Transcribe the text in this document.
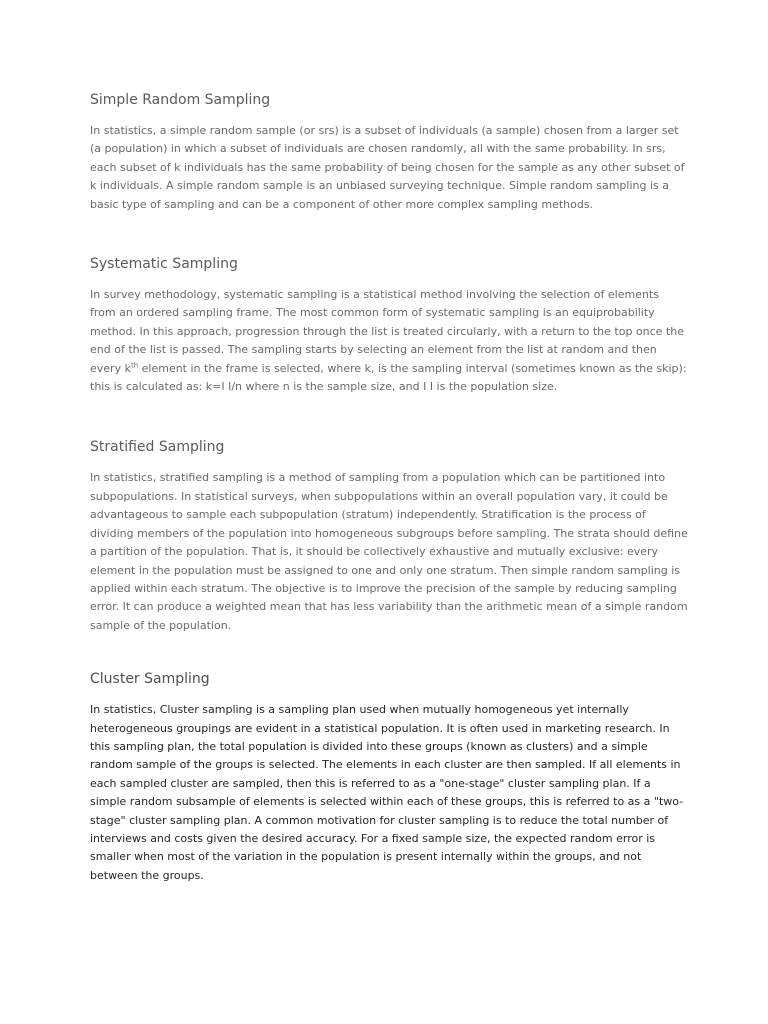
Simple Random Sampling

In statistics, a simple random sample (or srs) is a subset of individuals (a sample) chosen from a larger set (a population) in which a subset of individuals are chosen randomly, all with the same probability. In srs, each subset of k individuals has the same probability of being chosen for the sample as any other subset of k individuals. A simple random sample is an unbiased surveying technique. Simple random sampling is a basic type of sampling and can be a component of other more complex sampling methods.

Systematic Sampling

In survey methodology, systematic sampling is a statistical method involving the selection of elements from an ordered sampling frame. The most common form of systematic sampling is an equiprobability method. In this approach, progression through the list is treated circularly, with a return to the top once the end of the list is passed. The sampling starts by selecting an element from the list at random and then every $k^{th}$ element in the frame is selected, where k, is the sampling interval (sometimes known as the skip): this is calculated as: k=I I/n where n is the sample size, and I I is the population size.

Stratified Sampling

In statistics, stratified sampling is a method of sampling from a population which can be partitioned into subpopulations. In statistical surveys, when subpopulations within an overall population vary, it could be advantageous to sample each subpopulation (stratum) independently. Stratification is the process of dividing members of the population into homogeneous subgroups before sampling. The strata should define a partition of the population. That is, it should be collectively exhaustive and mutually exclusive: every element in the population must be assigned to one and only one stratum. Then simple random sampling is applied within each stratum. The objective is to improve the precision of the sample by reducing sampling error. It can produce a weighted mean that has less variability than the arithmetic mean of a simple random sample of the population.

Cluster Sampling

In statistics, Cluster sampling is a sampling plan used when mutually homogeneous yet internally heterogeneous groupings are evident in a statistical population. It is often used in marketing research. In this sampling plan, the total population is divided into these groups (known as clusters) and a simple random sample of the groups is selected. The elements in each cluster are then sampled. If all elements in each sampled cluster are sampled, then this is referred to as a "one-stage" cluster sampling plan. If a simple random subsample of elements is selected within each of these groups, this is referred to as a "two-stage" cluster sampling plan. A common motivation for cluster sampling is to reduce the total number of interviews and costs given the desired accuracy. For a fixed sample size, the expected random error is smaller when most of the variation in the population is present internally within the groups, and not between the groups.
